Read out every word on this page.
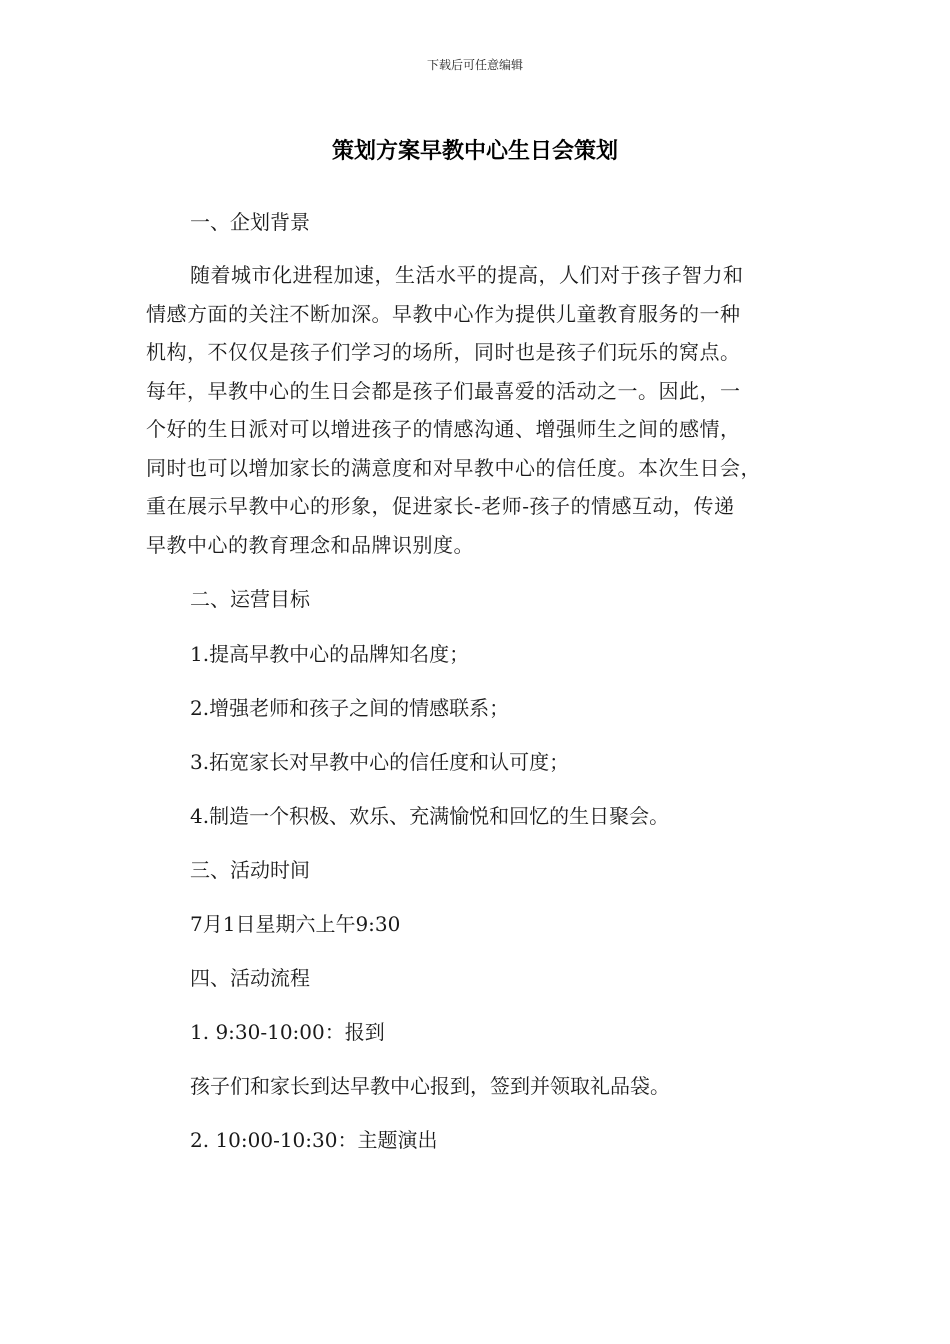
下载后可任意编辑
策划方案早教中心生日会策划
一、企划背景
随着城市化进程加速，生活水平的提高，人们对于孩子智力和
情感方面的关注不断加深。早教中心作为提供儿童教育服务的一种
机构，不仅仅是孩子们学习的场所，同时也是孩子们玩乐的窝点。
每年，早教中心的生日会都是孩子们最喜爱的活动之一。因此，一
个好的生日派对可以增进孩子的情感沟通、增强师生之间的感情，
同时也可以增加家长的满意度和对早教中心的信任度。本次生日会，
重在展示早教中心的形象，促进家长-老师-孩子的情感互动，传递
早教中心的教育理念和品牌识别度。
二、运营目标
1.提高早教中心的品牌知名度；
2.增强老师和孩子之间的情感联系；
3.拓宽家长对早教中心的信任度和认可度；
4.制造一个积极、欢乐、充满愉悦和回忆的生日聚会。
三、活动时间
7月1日星期六上午9:30
四、活动流程
1. 9:30-10:00：报到
孩子们和家长到达早教中心报到，签到并领取礼品袋。
2. 10:00-10:30：主题演出
